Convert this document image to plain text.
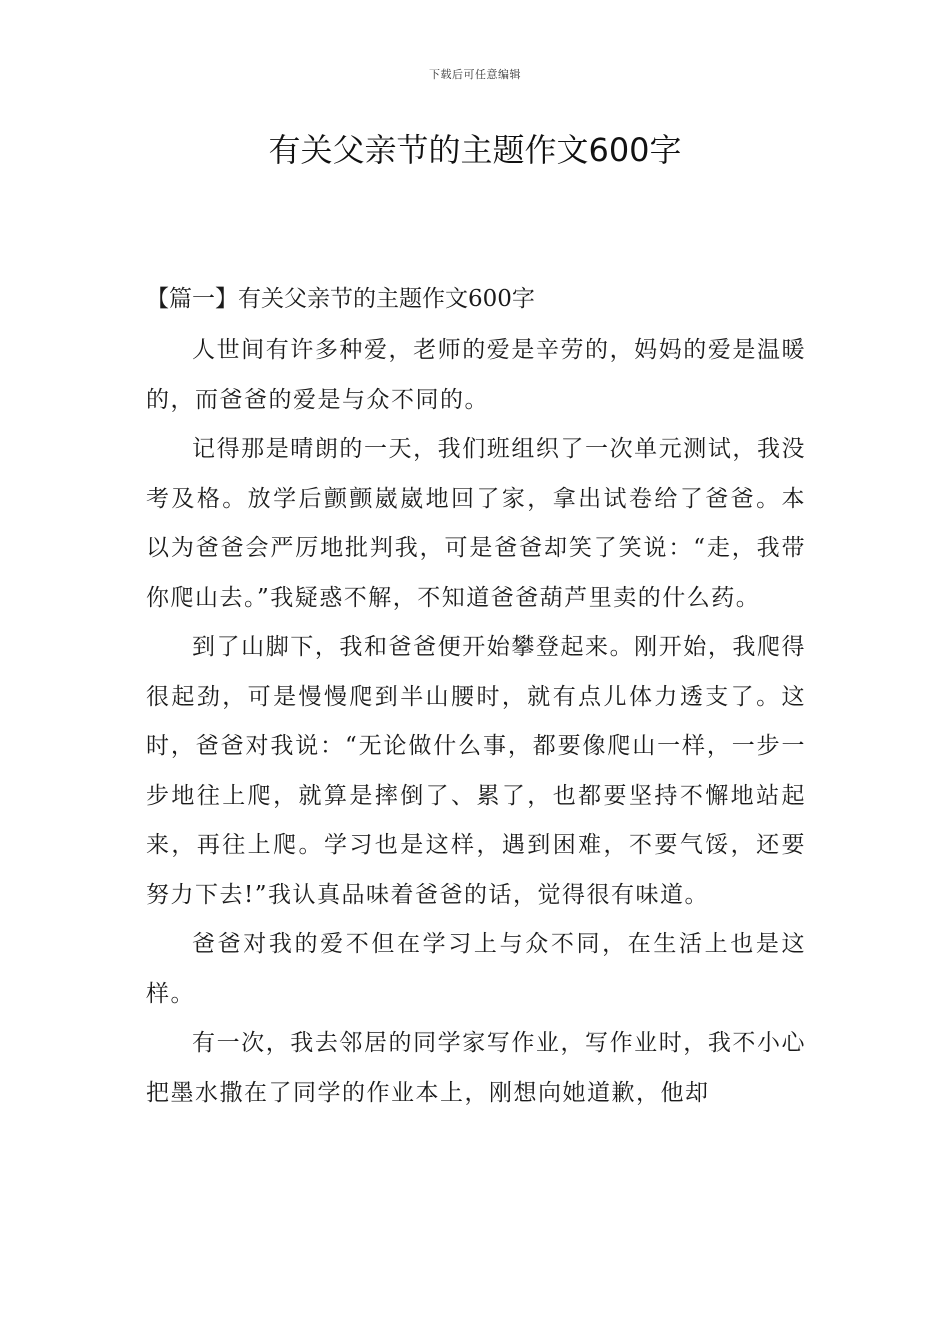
下载后可任意编辑
有关父亲节的主题作文600字

【篇一】有关父亲节的主题作文600字

人世间有许多种爱，老师的爱是辛劳的，妈妈的爱是温暖的，而爸爸的爱是与众不同的。

记得那是晴朗的一天，我们班组织了一次单元测试，我没考及格。放学后颤颤崴崴地回了家，拿出试卷给了爸爸。本以为爸爸会严厉地批判我，可是爸爸却笑了笑说：“走，我带你爬山去。”我疑惑不解，不知道爸爸葫芦里卖的什么药。

到了山脚下，我和爸爸便开始攀登起来。刚开始，我爬得很起劲，可是慢慢爬到半山腰时，就有点儿体力透支了。这时，爸爸对我说：“无论做什么事，都要像爬山一样，一步一步地往上爬，就算是摔倒了、累了，也都要坚持不懈地站起来，再往上爬。学习也是这样，遇到困难，不要气馁，还要努力下去!”我认真品味着爸爸的话，觉得很有味道。

爸爸对我的爱不但在学习上与众不同，在生活上也是这样。

有一次，我去邻居的同学家写作业，写作业时，我不小心把墨水撒在了同学的作业本上，刚想向她道歉，他却
